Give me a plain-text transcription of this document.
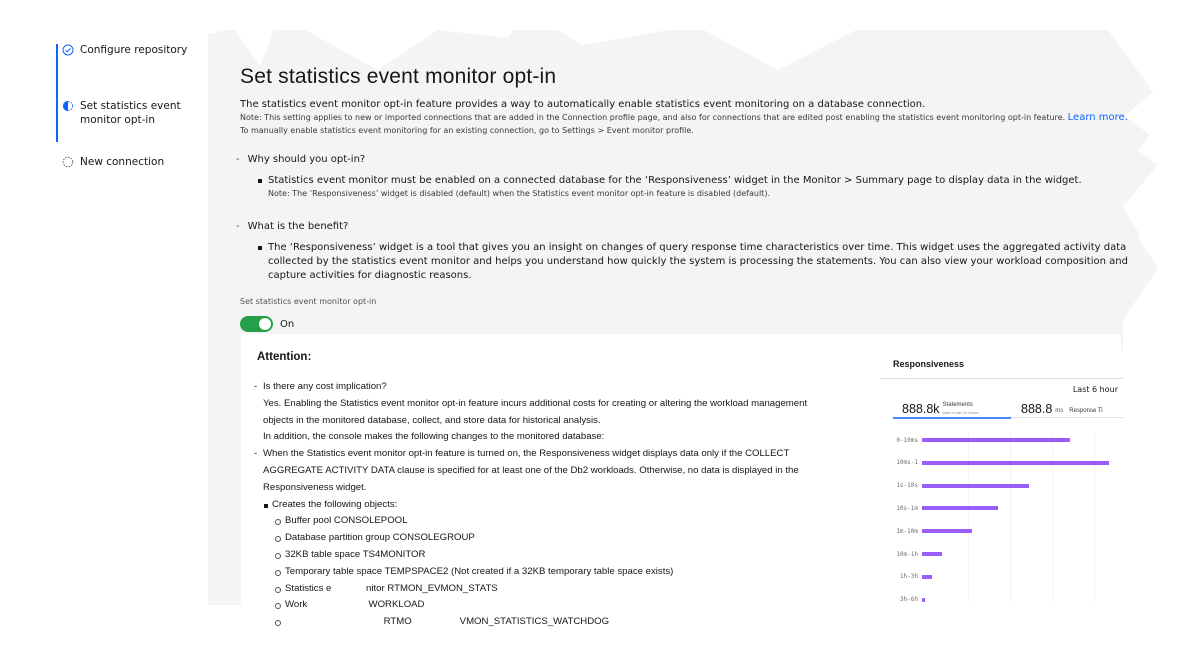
Configure repository
Set statistics event monitor opt-in
New connection
Set statistics event monitor opt-in
The statistics event monitor opt-in feature provides a way to automatically enable statistics event monitoring on a database connection.
Note: This setting applies to new or imported connections that are added in the Connection profile page, and also for connections that are edited post enabling the statistics event monitoring opt-in feature. Learn more.
To manually enable statistics event monitoring for an existing connection, go to Settings > Event monitor profile.
- Why should you opt-in?
Statistics event monitor must be enabled on a connected database for the ‘Responsiveness’ widget in the Monitor > Summary page to display data in the widget.
Note: The ‘Responsiveness’ widget is disabled (default) when the Statistics event monitor opt-in feature is disabled (default).
- What is the benefit?
The ‘Responsiveness’ widget is a tool that gives you an insight on changes of query response time characteristics over time. This widget uses the aggregated activity data collected by the statistics event monitor and helps you understand how quickly the system is processing the statements. You can also view your workload composition and capture activities for diagnostic reasons.
Set statistics event monitor opt-in
On
Attention:
- Is there any cost implication?
Yes. Enabling the Statistics event monitor opt-in feature incurs additional costs for creating or altering the workload management
objects in the monitored database, collect, and store data for historical analysis.
In addition, the console makes the following changes to the monitored database:
- When the Statistics event monitor opt-in feature is turned on, the Responsiveness widget displays data only if the COLLECT
AGGREGATE ACTIVITY DATA clause is specified for at least one of the Db2 workloads. Otherwise, no data is displayed in the
Responsiveness widget.
Creates the following objects:
Buffer pool CONSOLEPOOL
Database partition group CONSOLEGROUP
32KB table space TS4MONITOR
Temporary table space TEMPSPACE2 (Not created if a 32KB temporary table space exists)
Statistics e             nitor RTMON_EVMON_STATS
Work                       WORKLOAD
RTMO                  VMON_STATISTICS_WATCHDOG
Responsiveness
Last 6 hour
888.8k Statements
total in last 24 hours	888.8 ms Response Ti
0-10ms
10ms-1
1s-10s
10s-1m
1m-10m
10m-1h
1h-3h
3h-6h
